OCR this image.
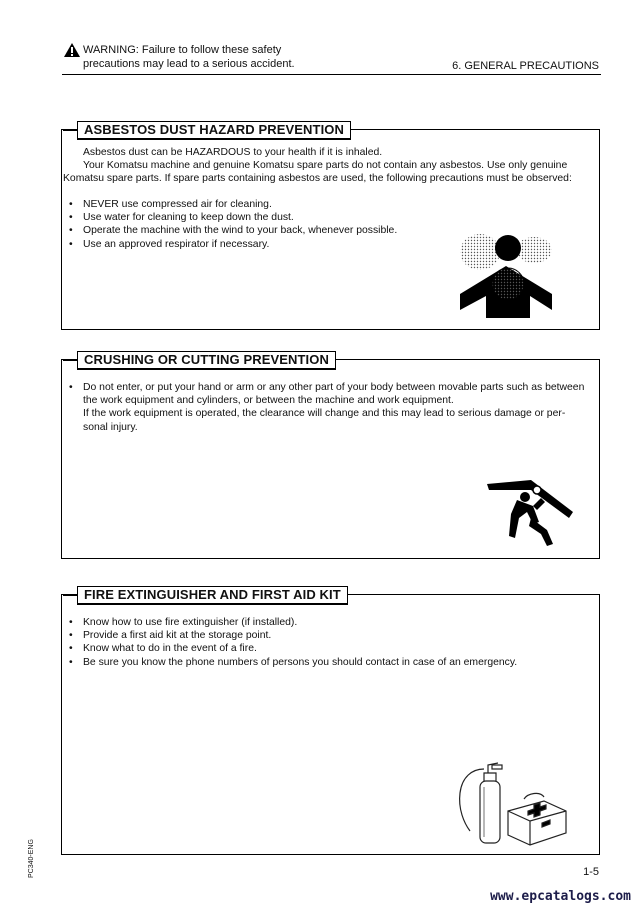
WARNING: Failure to follow these safety
precautions may lead to a serious accident.	6. GENERAL PRECAUTIONS
ASBESTOS DUST HAZARD PREVENTION
Asbestos dust can be HAZARDOUS to your health if it is inhaled.
Your Komatsu machine and genuine Komatsu spare parts do not contain any asbestos. Use only genuine
Komatsu spare parts. If spare parts containing asbestos are used, the following precautions must be observed:
• NEVER use compressed air for cleaning.
• Use water for cleaning to keep down the dust.
• Operate the machine with the wind to your back, whenever possible.
• Use an approved respirator if necessary.
CRUSHING OR CUTTING PREVENTION
• Do not enter, or put your hand or arm or any other part of your body between movable parts such as between
the work equipment and cylinders, or between the machine and work equipment.
If the work equipment is operated, the clearance will change and this may lead to serious damage or per-
sonal injury.
FIRE EXTINGUISHER AND FIRST AID KIT
• Know how to use fire extinguisher (if installed).
• Provide a first aid kit at the storage point.
• Know what to do in the event of a fire.
• Be sure you know the phone numbers of persons you should contact in case of an emergency.
1-5
PC340-ENG
www.epcatalogs.com
